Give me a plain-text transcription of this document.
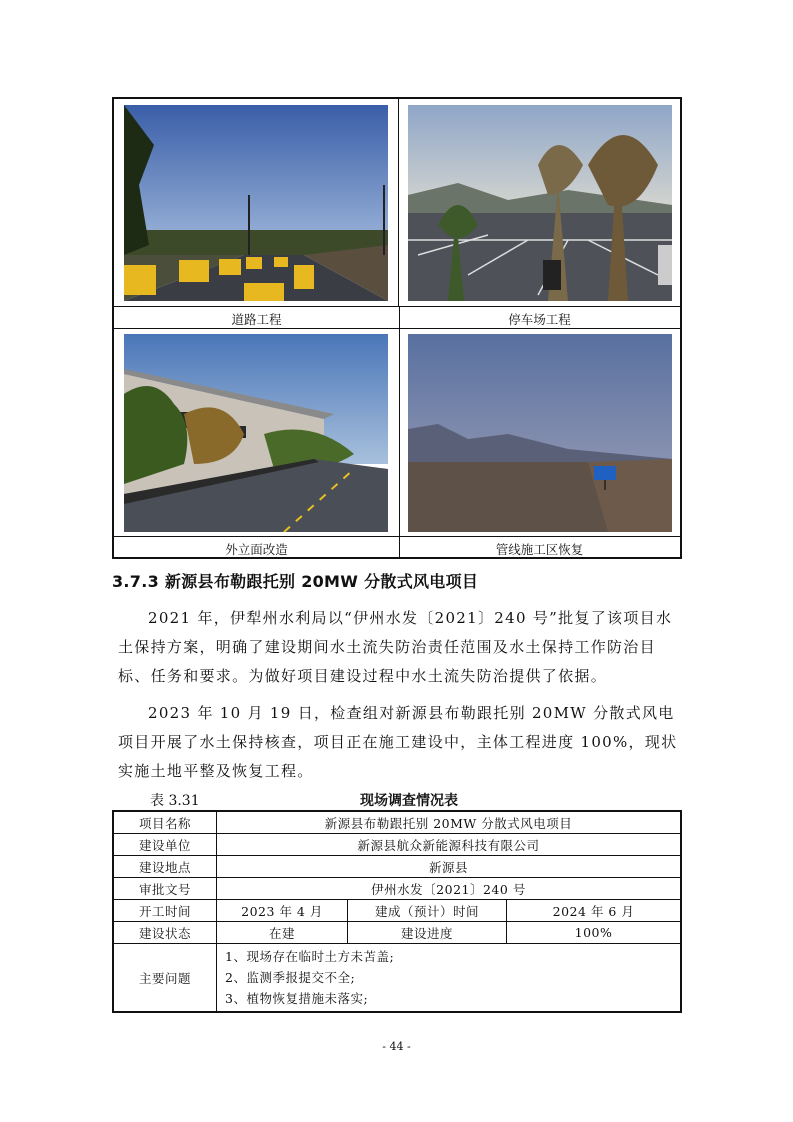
道路工程	停车场工程
外立面改造	管线施工区恢复
3.7.3 新源县布勒跟托别 20MW 分散式风电项目
2021 年，伊犁州水利局以“伊州水发〔2021〕240 号”批复了该项目水土保持方案，明确了建设期间水土流失防治责任范围及水土保持工作防治目标、任务和要求。为做好项目建设过程中水土流失防治提供了依据。
2023 年 10 月 19 日，检查组对新源县布勒跟托别 20MW 分散式风电项目开展了水土保持核查，项目正在施工建设中，主体工程进度 100%，现状实施土地平整及恢复工程。
表 3.31	现场调查情况表
项目名称	新源县布勒跟托别 20MW 分散式风电项目		
建设单位	新源县航众新能源科技有限公司		
建设地点	新源县		
审批文号	伊州水发〔2021〕240 号		
开工时间	2023 年 4 月	建成（预计）时间	2024 年 6 月
建设状态	在建	建设进度	100%
主要问题	1、现场存在临时土方未苫盖;
2、监测季报提交不全;
3、植物恢复措施未落实;		
- 44 -
